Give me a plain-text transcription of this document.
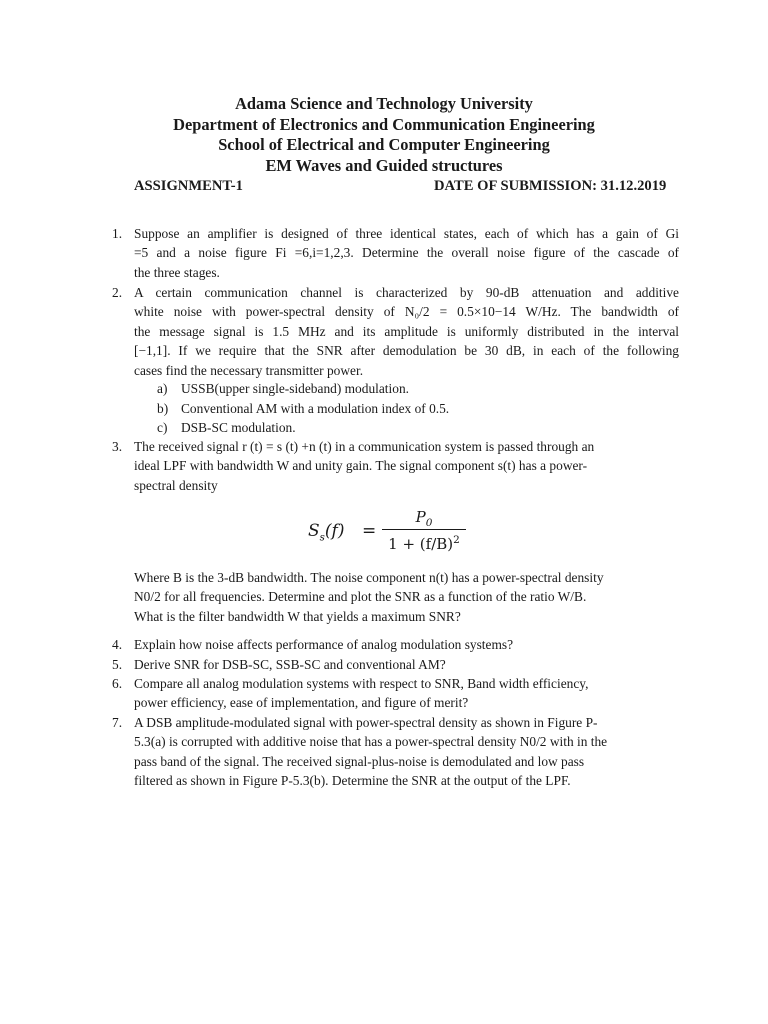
Adama Science and Technology University
Department of Electronics and Communication Engineering
School of Electrical and Computer Engineering
EM Waves and Guided structures
ASSIGNMENT-1	DATE OF SUBMISSION: 31.12.2019
1. Suppose an amplifier is designed of three identical states, each of which has a gain of Gi
=5 and a noise figure Fi =6,i=1,2,3. Determine the overall noise figure of the cascade of
the three stages.
2. A certain communication channel is characterized by 90-dB attenuation and additive
white noise with power-spectral density of N₀/2 = 0.5×10−14 W/Hz. The bandwidth of
the message signal is 1.5 MHz and its amplitude is uniformly distributed in the interval
[−1,1]. If we require that the SNR after demodulation be 30 dB, in each of the following
cases find the necessary transmitter power.
a) USSB(upper single-sideband) modulation.
b) Conventional AM with a modulation index of 0.5.
c) DSB-SC modulation.
3. The received signal r (t) = s (t) +n (t) in a communication system is passed through an
ideal LPF with bandwidth W and unity gain. The signal component s(t) has a power-
spectral density
$S_s(f)$ =
$P_0$
$1 + (f/B)^2$
Where B is the 3-dB bandwidth. The noise component n(t) has a power-spectral density
N0/2 for all frequencies. Determine and plot the SNR as a function of the ratio W/B.
What is the filter bandwidth W that yields a maximum SNR?
4. Explain how noise affects performance of analog modulation systems?
5. Derive SNR for DSB-SC, SSB-SC and conventional AM?
6. Compare all analog modulation systems with respect to SNR, Band width efficiency,
power efficiency, ease of implementation, and figure of merit?
7. A DSB amplitude-modulated signal with power-spectral density as shown in Figure P-
5.3(a) is corrupted with additive noise that has a power-spectral density N0/2 with in the
pass band of the signal. The received signal-plus-noise is demodulated and low pass
filtered as shown in Figure P-5.3(b). Determine the SNR at the output of the LPF.
